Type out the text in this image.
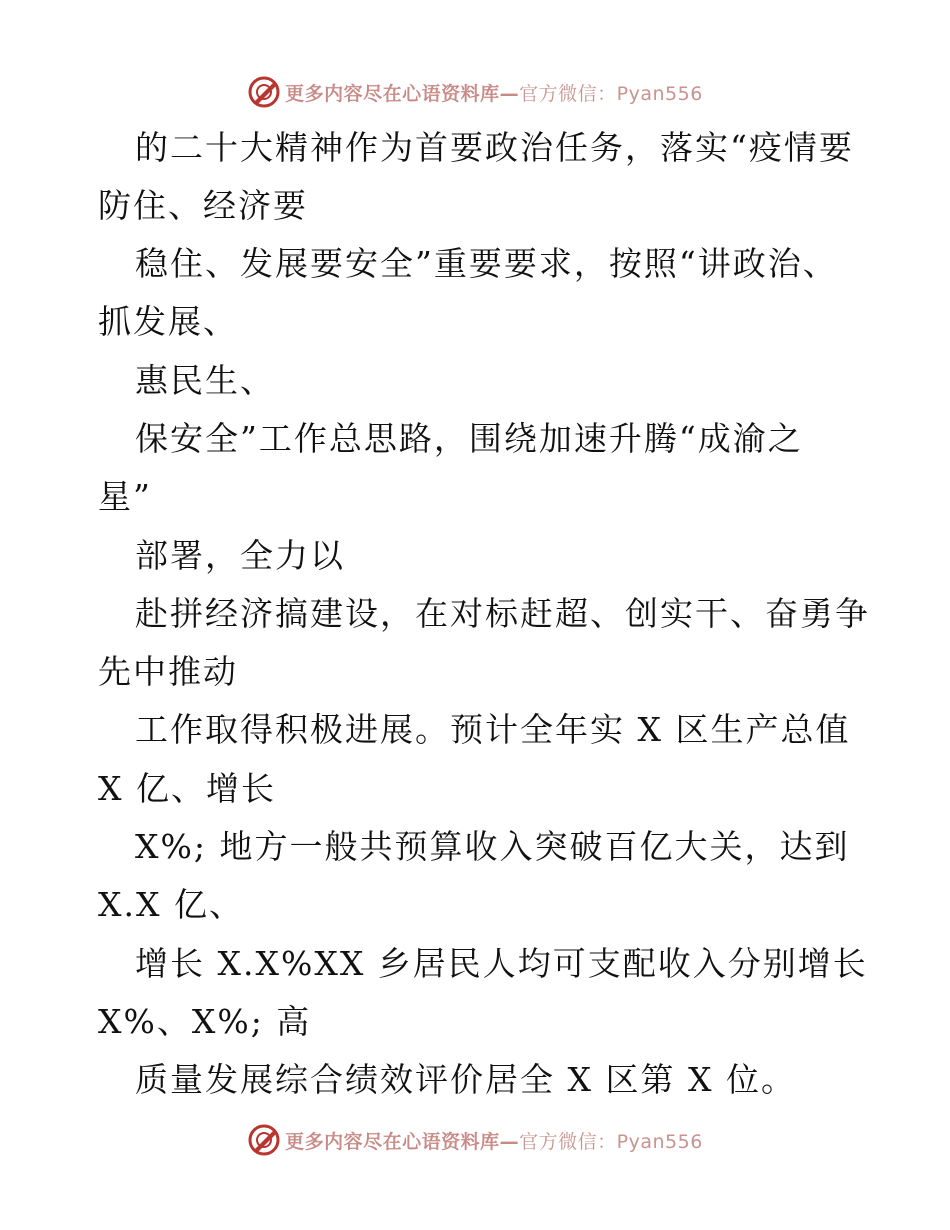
更多内容尽在心语资料库—官方微信：Pyan556
的二十大精神作为首要政治任务，落实“疫情要
防住、经济要
稳住、发展要安全”重要要求，按照“讲政治、
抓发展、
惠民生、
保安全”工作总思路，围绕加速升腾“成渝之
星”
部署，全力以
赴拼经济搞建设，在对标赶超、创实干、奋勇争
先中推动
工作取得积极进展。预计全年实 X 区生产总值
X 亿、增长
X%; 地方一般共预算收入突破百亿大关，达到
X.X 亿、
增长 X.X%XX 乡居民人均可支配收入分别增长
X%、X%; 高
质量发展综合绩效评价居全 X 区第 X 位。
更多内容尽在心语资料库—官方微信：Pyan556
